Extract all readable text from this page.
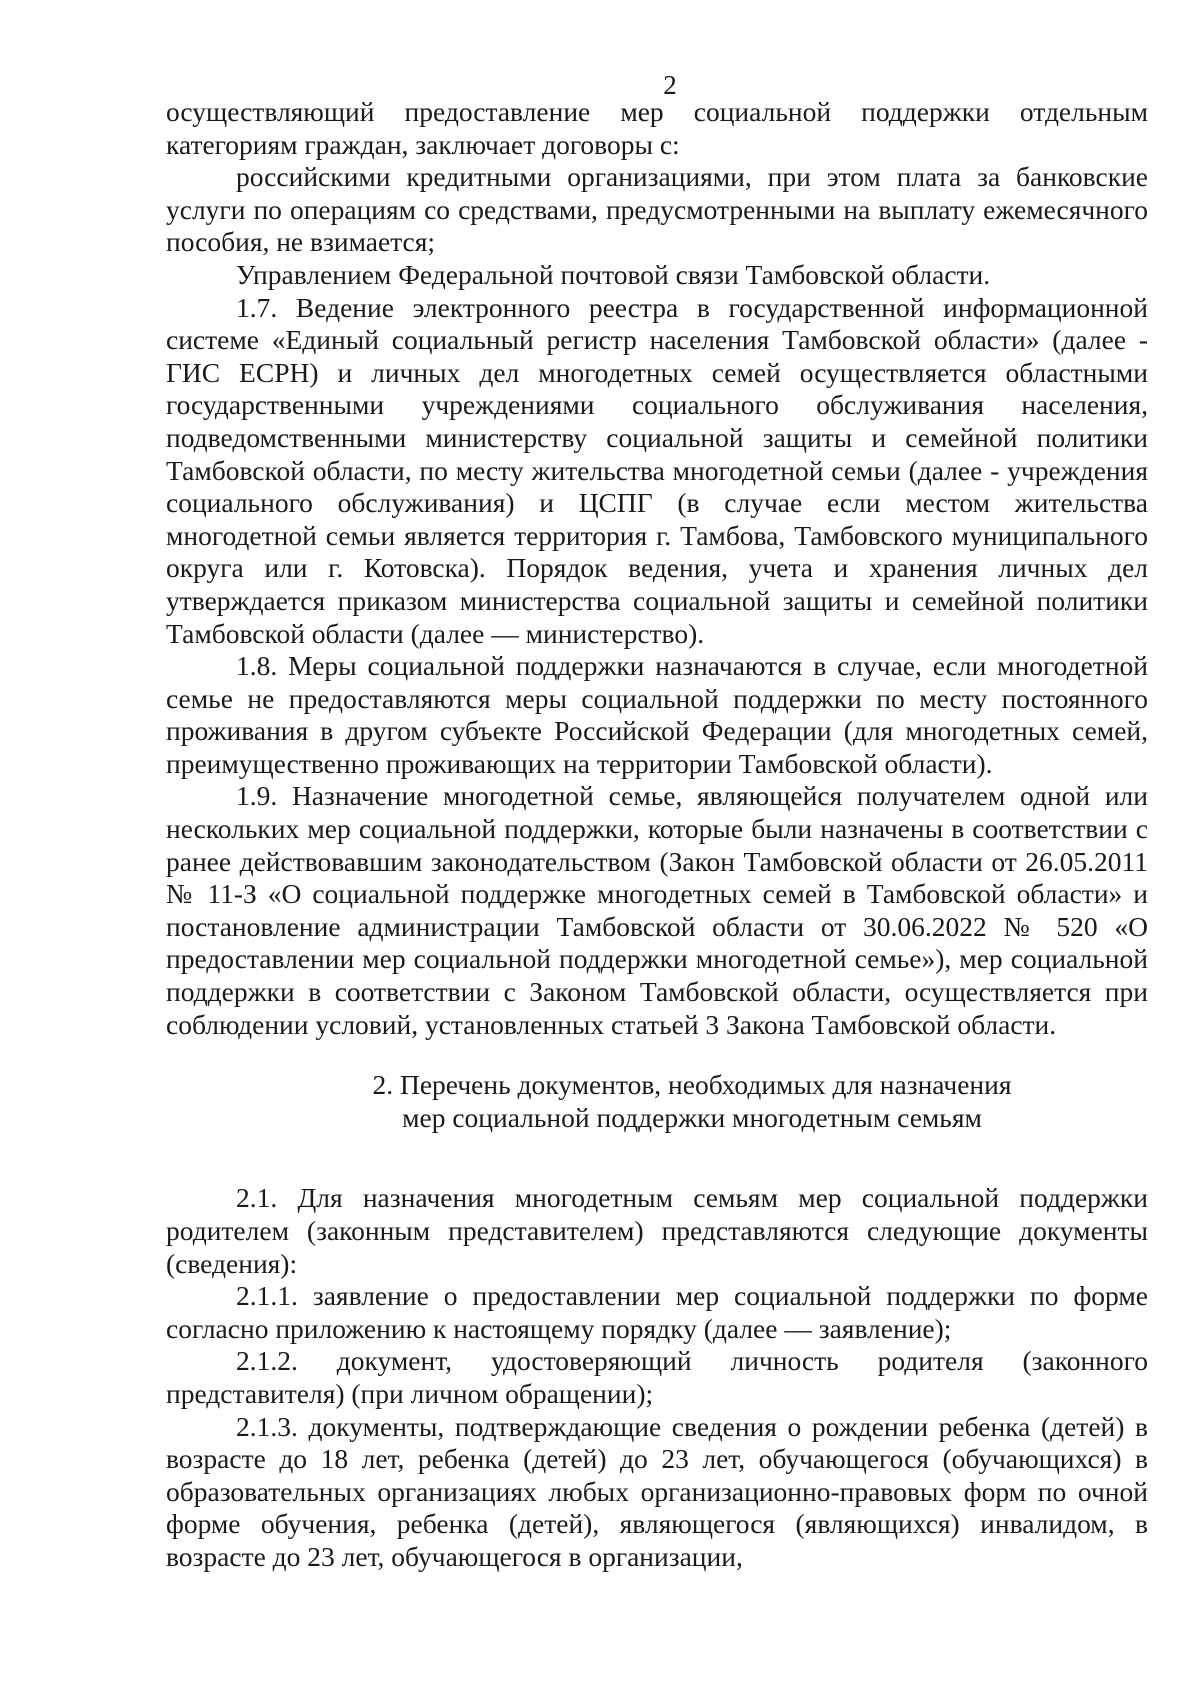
2

осуществляющий предоставление мер социальной поддержки отдельным категориям граждан, заключает договоры с:

российскими кредитными организациями, при этом плата за банковские услуги по операциям со средствами, предусмотренными на выплату ежемесячного пособия, не взимается;

Управлением Федеральной почтовой связи Тамбовской области.

1.7. Ведение электронного реестра в государственной информационной системе «Единый социальный регистр населения Тамбовской области» (далее - ГИС ЕСРН) и личных дел многодетных семей осуществляется областными государственными учреждениями социального обслуживания населения, подведомственными министерству социальной защиты и семейной политики Тамбовской области, по месту жительства многодетной семьи (далее - учреждения социального обслуживания) и ЦСПГ (в случае если местом жительства многодетной семьи является территория г. Тамбова, Тамбовского муниципального округа или г. Котовска). Порядок ведения, учета и хранения личных дел утверждается приказом министерства социальной защиты и семейной политики Тамбовской области (далее — министерство).

1.8. Меры социальной поддержки назначаются в случае, если многодетной семье не предоставляются меры социальной поддержки по месту постоянного проживания в другом субъекте Российской Федерации (для многодетных семей, преимущественно проживающих на территории Тамбовской области).

1.9. Назначение многодетной семье, являющейся получателем одной или нескольких мер социальной поддержки, которые были назначены в соответствии с ранее действовавшим законодательством (Закон Тамбовской области от 26.05.2011 № 11-З «О социальной поддержке многодетных семей в Тамбовской области» и постановление администрации Тамбовской области от 30.06.2022 № 520 «О предоставлении мер социальной поддержки многодетной семье»), мер социальной поддержки в соответствии с Законом Тамбовской области, осуществляется при соблюдении условий, установленных статьей 3 Закона Тамбовской области.

2. Перечень документов, необходимых для назначения
мер социальной поддержки многодетным семьям

2.1. Для назначения многодетным семьям мер социальной поддержки родителем (законным представителем) представляются следующие документы (сведения):

2.1.1. заявление о предоставлении мер социальной поддержки по форме согласно приложению к настоящему порядку (далее — заявление);

2.1.2. документ, удостоверяющий личность родителя (законного представителя) (при личном обращении);

2.1.3. документы, подтверждающие сведения о рождении ребенка (детей) в возрасте до 18 лет, ребенка (детей) до 23 лет, обучающегося (обучающихся) в образовательных организациях любых организационно-правовых форм по очной форме обучения, ребенка (детей), являющегося (являющихся) инвалидом, в возрасте до 23 лет, обучающегося в организации,
